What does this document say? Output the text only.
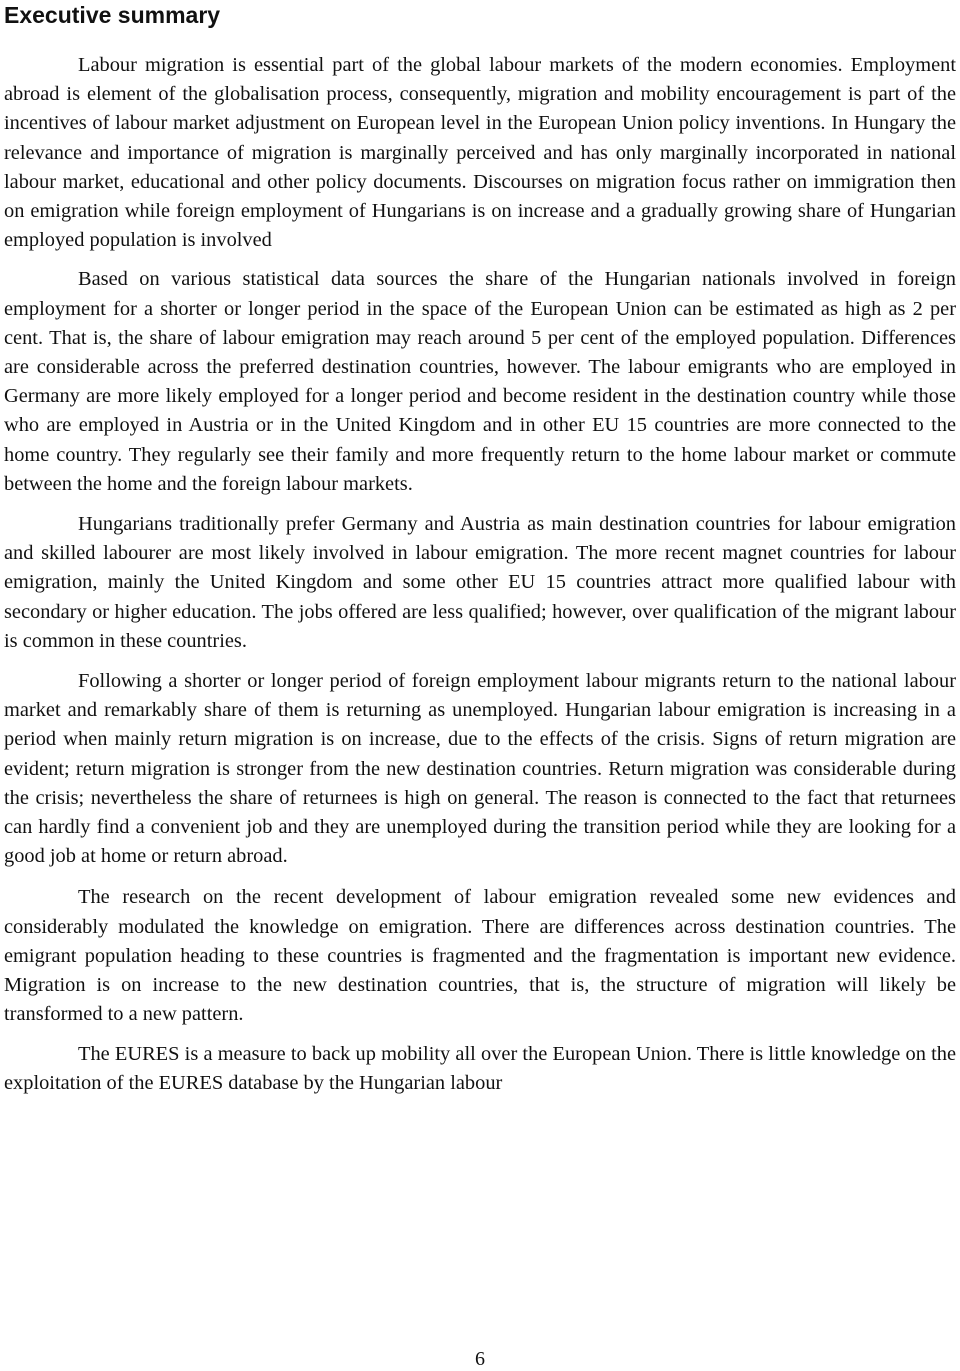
Executive summary

Labour migration is essential part of the global labour markets of the modern economies. Employment abroad is element of the globalisation process, consequently, migration and mobility encouragement is part of the incentives of labour market adjustment on European level in the European Union policy inventions. In Hungary the relevance and importance of migration is marginally perceived and has only marginally incorporated in national labour market, educational and other policy documents. Discourses on migration focus rather on immigration then on emigration while foreign employment of Hungarians is on increase and a gradually growing share of Hungarian employed population is involved

Based on various statistical data sources the share of the Hungarian nationals involved in foreign employment for a shorter or longer period in the space of the European Union can be estimated as high as 2 per cent. That is, the share of labour emigration may reach around 5 per cent of the employed population. Differences are considerable across the preferred destination countries, however. The labour emigrants who are employed in Germany are more likely employed for a longer period and become resident in the destination country while those who are employed in Austria or in the United Kingdom and in other EU 15 countries are more connected to the home country. They regularly see their family and more frequently return to the home labour market or commute between the home and the foreign labour markets.

Hungarians traditionally prefer Germany and Austria as main destination countries for labour emigration and skilled labourer are most likely involved in labour emigration. The more recent magnet countries for labour emigration, mainly the United Kingdom and some other EU 15 countries attract more qualified labour with secondary or higher education. The jobs offered are less qualified; however, over qualification of the migrant labour is common in these countries.

Following a shorter or longer period of foreign employment labour migrants return to the national labour market and remarkably share of them is returning as unemployed. Hungarian labour emigration is increasing in a period when mainly return migration is on increase, due to the effects of the crisis. Signs of return migration are evident; return migration is stronger from the new destination countries. Return migration was considerable during the crisis; nevertheless the share of returnees is high on general. The reason is connected to the fact that returnees can hardly find a convenient job and they are unemployed during the transition period while they are looking for a good job at home or return abroad.

The research on the recent development of labour emigration revealed some new evidences and considerably modulated the knowledge on emigration. There are differences across destination countries. The emigrant population heading to these countries is fragmented and the fragmentation is important new evidence. Migration is on increase to the new destination countries, that is, the structure of migration will likely be transformed to a new pattern.

The EURES is a measure to back up mobility all over the European Union. There is little knowledge on the exploitation of the EURES database by the Hungarian labour

6
